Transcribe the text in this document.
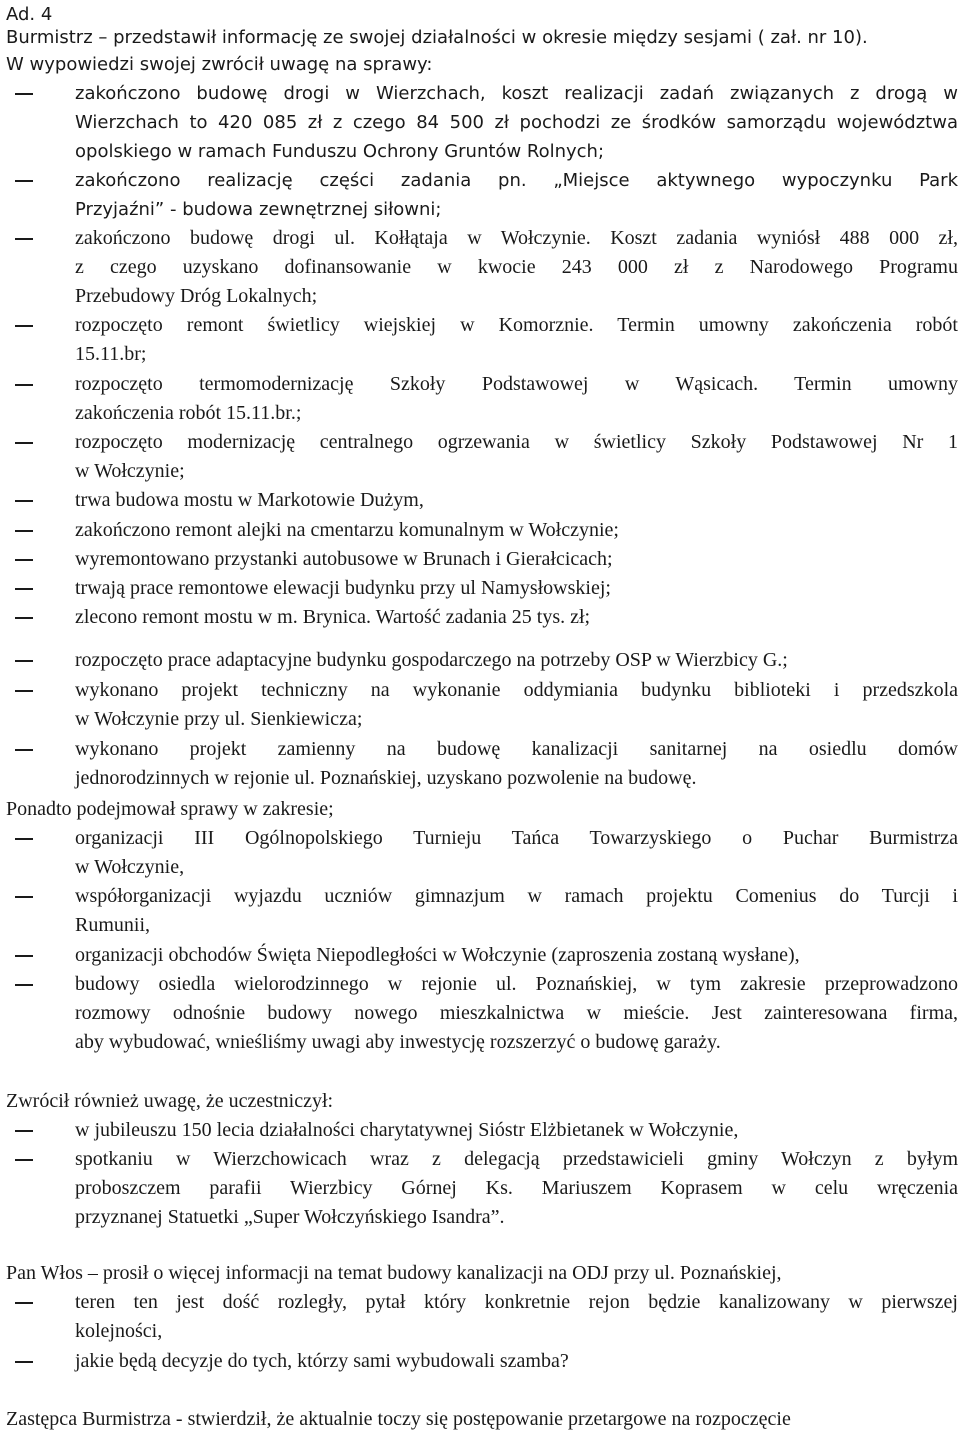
Ad. 4
Burmistrz – przedstawił informację ze swojej działalności w okresie między sesjami ( zał. nr 10).
W wypowiedzi swojej zwrócił uwagę na sprawy:
zakończono budowę drogi w Wierzchach, koszt realizacji zadań związanych z drogą w
Wierzchach to 420 085 zł z czego 84 500 zł pochodzi ze środków samorządu województwa
opolskiego w ramach Funduszu Ochrony Gruntów Rolnych;
zakończono realizację części zadania pn. „Miejsce aktywnego wypoczynku Park
Przyjaźni” - budowa zewnętrznej siłowni;
zakończono budowę drogi ul. Kołłątaja w Wołczynie. Koszt zadania wyniósł 488 000 zł,
z czego uzyskano dofinansowanie w kwocie 243 000 zł z Narodowego Programu
Przebudowy Dróg Lokalnych;
rozpoczęto remont świetlicy wiejskiej w Komorznie. Termin umowny zakończenia robót
15.11.br;
rozpoczęto termomodernizację Szkoły Podstawowej w Wąsicach. Termin umowny
zakończenia robót 15.11.br.;
rozpoczęto modernizację centralnego ogrzewania w świetlicy Szkoły Podstawowej Nr 1
w Wołczynie;
trwa budowa mostu w Markotowie Dużym,
zakończono remont alejki na cmentarzu komunalnym w Wołczynie;
wyremontowano przystanki autobusowe w Brunach i Gierałcicach;
trwają prace remontowe elewacji budynku przy ul Namysłowskiej;
zlecono remont mostu w m. Brynica. Wartość zadania 25 tys. zł;
rozpoczęto prace adaptacyjne budynku gospodarczego na potrzeby OSP w Wierzbicy G.;
wykonano projekt techniczny na wykonanie oddymiania budynku biblioteki i przedszkola
w Wołczynie przy ul. Sienkiewicza;
wykonano projekt zamienny na budowę kanalizacji sanitarnej na osiedlu domów
jednorodzinnych w rejonie ul. Poznańskiej, uzyskano pozwolenie na budowę.
Ponadto podejmował sprawy w zakresie;
organizacji III Ogólnopolskiego Turnieju Tańca Towarzyskiego o Puchar Burmistrza
w Wołczynie,
współorganizacji wyjazdu uczniów gimnazjum w ramach projektu Comenius do Turcji i
Rumunii,
organizacji obchodów Święta Niepodległości w Wołczynie (zaproszenia zostaną wysłane),
budowy osiedla wielorodzinnego w rejonie ul. Poznańskiej, w tym zakresie przeprowadzono
rozmowy odnośnie budowy nowego mieszkalnictwa w mieście. Jest zainteresowana firma,
aby wybudować, wnieśliśmy uwagi aby inwestycję rozszerzyć o budowę garaży.
Zwrócił również uwagę, że uczestniczył:
w jubileuszu 150 lecia działalności charytatywnej Sióstr Elżbietanek w Wołczynie,
spotkaniu w Wierzchowicach wraz z delegacją przedstawicieli gminy Wołczyn z byłym
proboszczem parafii Wierzbicy Górnej Ks. Mariuszem Koprasem w celu wręczenia
przyznanej Statuetki „Super Wołczyńskiego Isandra”.
Pan Włos – prosił o więcej informacji na temat budowy kanalizacji na ODJ przy ul. Poznańskiej,
teren ten jest dość rozległy, pytał który konkretnie rejon będzie kanalizowany w pierwszej
kolejności,
jakie będą decyzje do tych, którzy sami wybudowali szamba?
Zastępca Burmistrza - stwierdził, że aktualnie toczy się postępowanie przetargowe na rozpoczęcie
